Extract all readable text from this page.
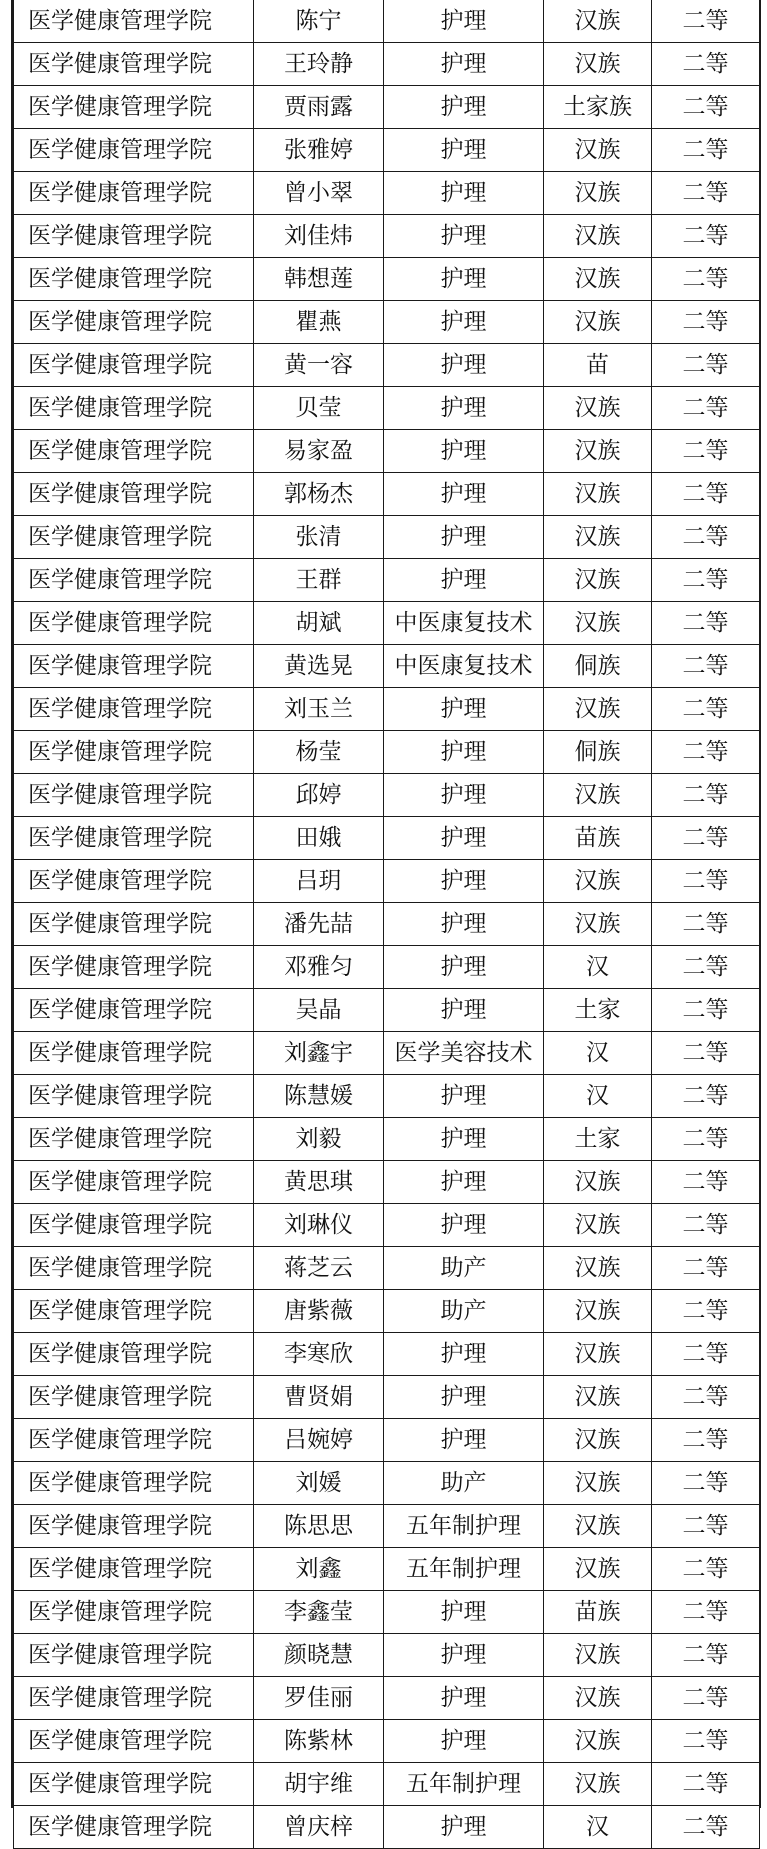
医学健康管理学院	陈宁	护理	汉族	二等
医学健康管理学院	王玲静	护理	汉族	二等
医学健康管理学院	贾雨露	护理	土家族	二等
医学健康管理学院	张雅婷	护理	汉族	二等
医学健康管理学院	曾小翠	护理	汉族	二等
医学健康管理学院	刘佳炜	护理	汉族	二等
医学健康管理学院	韩想莲	护理	汉族	二等
医学健康管理学院	瞿燕	护理	汉族	二等
医学健康管理学院	黄一容	护理	苗	二等
医学健康管理学院	贝莹	护理	汉族	二等
医学健康管理学院	易家盈	护理	汉族	二等
医学健康管理学院	郭杨杰	护理	汉族	二等
医学健康管理学院	张清	护理	汉族	二等
医学健康管理学院	王群	护理	汉族	二等
医学健康管理学院	胡斌	中医康复技术	汉族	二等
医学健康管理学院	黄选晃	中医康复技术	侗族	二等
医学健康管理学院	刘玉兰	护理	汉族	二等
医学健康管理学院	杨莹	护理	侗族	二等
医学健康管理学院	邱婷	护理	汉族	二等
医学健康管理学院	田娥	护理	苗族	二等
医学健康管理学院	吕玥	护理	汉族	二等
医学健康管理学院	潘先喆	护理	汉族	二等
医学健康管理学院	邓雅匀	护理	汉	二等
医学健康管理学院	吴晶	护理	土家	二等
医学健康管理学院	刘鑫宇	医学美容技术	汉	二等
医学健康管理学院	陈慧媛	护理	汉	二等
医学健康管理学院	刘毅	护理	土家	二等
医学健康管理学院	黄思琪	护理	汉族	二等
医学健康管理学院	刘琳仪	护理	汉族	二等
医学健康管理学院	蒋芝云	助产	汉族	二等
医学健康管理学院	唐紫薇	助产	汉族	二等
医学健康管理学院	李寒欣	护理	汉族	二等
医学健康管理学院	曹贤娟	护理	汉族	二等
医学健康管理学院	吕婉婷	护理	汉族	二等
医学健康管理学院	刘媛	助产	汉族	二等
医学健康管理学院	陈思思	五年制护理	汉族	二等
医学健康管理学院	刘鑫	五年制护理	汉族	二等
医学健康管理学院	李鑫莹	护理	苗族	二等
医学健康管理学院	颜晓慧	护理	汉族	二等
医学健康管理学院	罗佳丽	护理	汉族	二等
医学健康管理学院	陈紫林	护理	汉族	二等
医学健康管理学院	胡宇维	五年制护理	汉族	二等
医学健康管理学院	曾庆梓	护理	汉	二等
